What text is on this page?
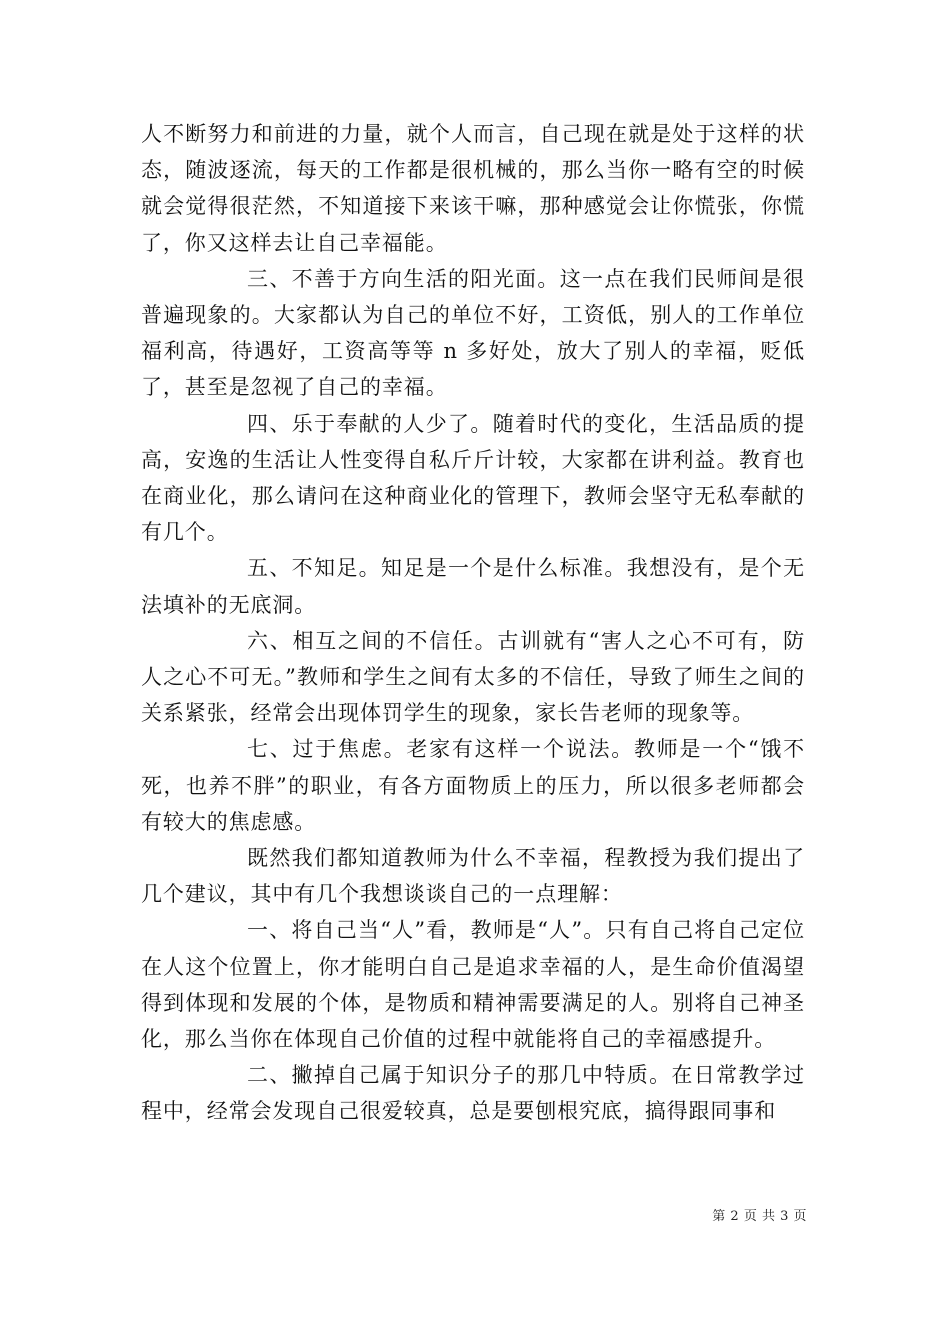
人不断努力和前进的力量，就个人而言，自己现在就是处于这样的状态，随波逐流，每天的工作都是很机械的，那么当你一略有空的时候就会觉得很茫然，不知道接下来该干嘛，那种感觉会让你慌张，你慌了，你又这样去让自己幸福能。

三、不善于方向生活的阳光面。这一点在我们民师间是很普遍现象的。大家都认为自己的单位不好，工资低，别人的工作单位福利高，待遇好，工资高等等 n 多好处，放大了别人的幸福，贬低了，甚至是忽视了自己的幸福。

四、乐于奉献的人少了。随着时代的变化，生活品质的提高，安逸的生活让人性变得自私斤斤计较，大家都在讲利益。教育也在商业化，那么请问在这种商业化的管理下，教师会坚守无私奉献的有几个。

五、不知足。知足是一个是什么标准。我想没有，是个无法填补的无底洞。

六、相互之间的不信任。古训就有“害人之心不可有，防人之心不可无。”教师和学生之间有太多的不信任，导致了师生之间的关系紧张，经常会出现体罚学生的现象，家长告老师的现象等。

七、过于焦虑。老家有这样一个说法。教师是一个“饿不死，也养不胖”的职业，有各方面物质上的压力，所以很多老师都会有较大的焦虑感。

既然我们都知道教师为什么不幸福，程教授为我们提出了几个建议，其中有几个我想谈谈自己的一点理解：

一、将自己当“人”看，教师是“人”。只有自己将自己定位在人这个位置上，你才能明白自己是追求幸福的人，是生命价值渴望得到体现和发展的个体，是物质和精神需要满足的人。别将自己神圣化，那么当你在体现自己价值的过程中就能将自己的幸福感提升。

二、撇掉自己属于知识分子的那几中特质。在日常教学过程中，经常会发现自己很爱较真，总是要刨根究底，搞得跟同事和

第 2 页 共 3 页
